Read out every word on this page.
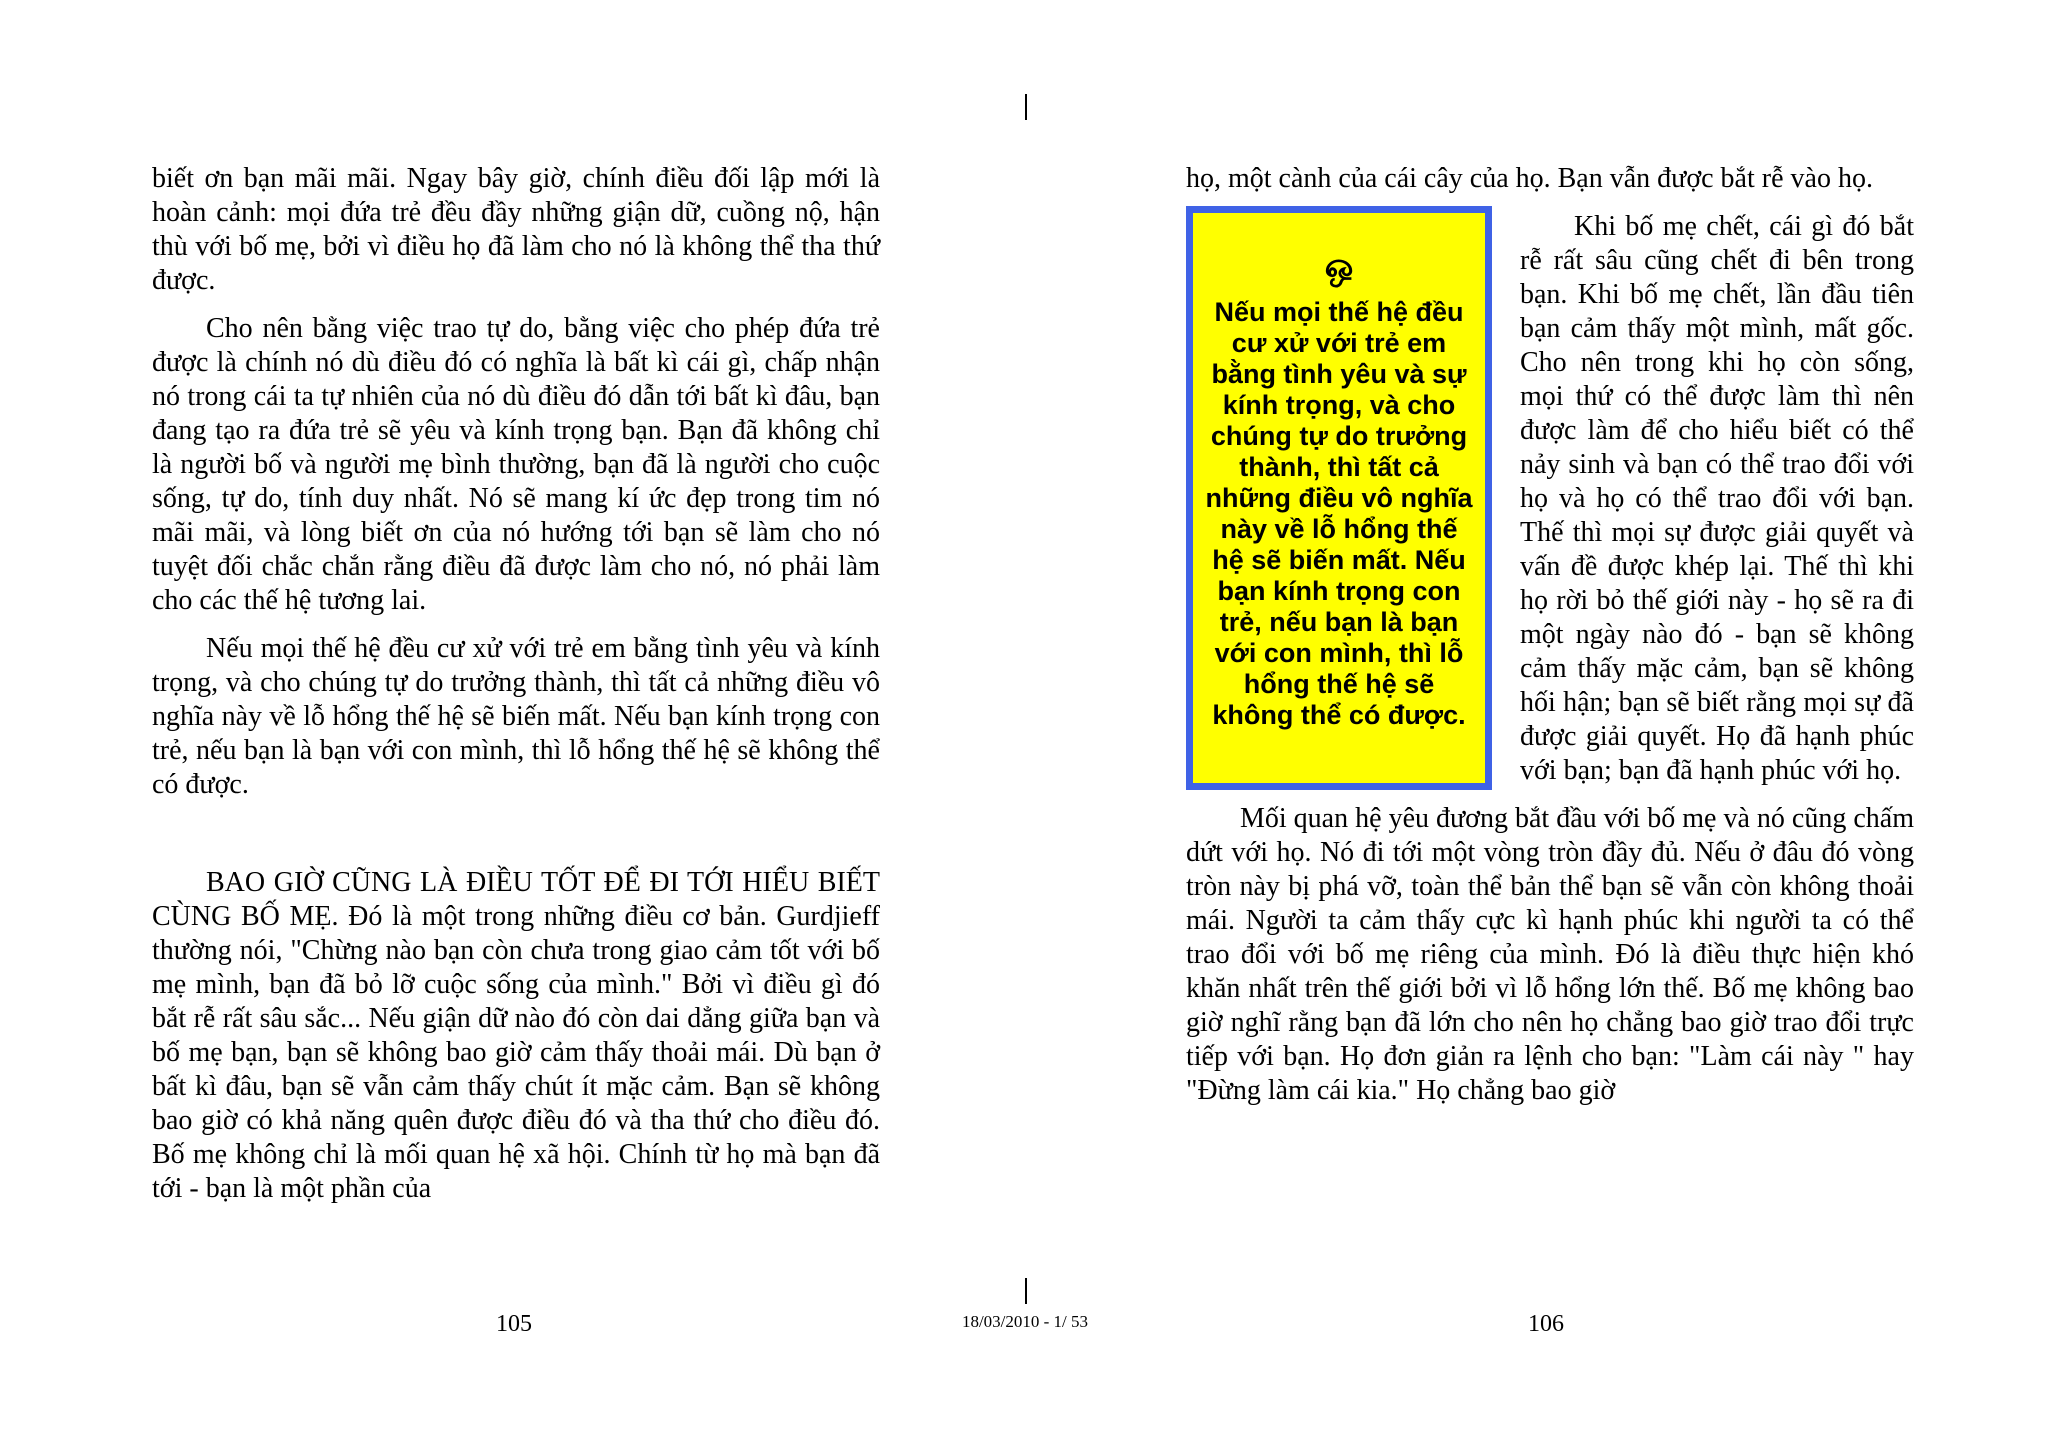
biết ơn bạn mãi mãi. Ngay bây giờ, chính điều đối lập mới là hoàn cảnh: mọi đứa trẻ đều đầy những giận dữ, cuồng nộ, hận thù với bố mẹ, bởi vì điều họ đã làm cho nó là không thể tha thứ được.

Cho nên bằng việc trao tự do, bằng việc cho phép đứa trẻ được là chính nó dù điều đó có nghĩa là bất kì cái gì, chấp nhận nó trong cái ta tự nhiên của nó dù điều đó dẫn tới bất kì đâu, bạn đang tạo ra đứa trẻ sẽ yêu và kính trọng bạn. Bạn đã không chỉ là người bố và người mẹ bình thường, bạn đã là người cho cuộc sống, tự do, tính duy nhất. Nó sẽ mang kí ức đẹp trong tim nó mãi mãi, và lòng biết ơn của nó hướng tới bạn sẽ làm cho nó tuyệt đối chắc chắn rằng điều đã được làm cho nó, nó phải làm cho các thế hệ tương lai.

Nếu mọi thế hệ đều cư xử với trẻ em bằng tình yêu và kính trọng, và cho chúng tự do trưởng thành, thì tất cả những điều vô nghĩa này về lỗ hổng thế hệ sẽ biến mất. Nếu bạn kính trọng con trẻ, nếu bạn là bạn với con mình, thì lỗ hổng thế hệ sẽ không thể có được.

BAO GIỜ CŨNG LÀ ĐIỀU TỐT ĐỂ ĐI TỚI HIỂU BIẾT CÙNG BỐ MẸ. Đó là một trong những điều cơ bản. Gurdjieff thường nói, "Chừng nào bạn còn chưa trong giao cảm tốt với bố mẹ mình, bạn đã bỏ lỡ cuộc sống của mình." Bởi vì điều gì đó bắt rễ rất sâu sắc... Nếu giận dữ nào đó còn dai dẳng giữa bạn và bố mẹ bạn, bạn sẽ không bao giờ cảm thấy thoải mái. Dù bạn ở bất kì đâu, bạn sẽ vẫn cảm thấy chút ít mặc cảm. Bạn sẽ không bao giờ có khả năng quên được điều đó và tha thứ cho điều đó. Bố mẹ không chỉ là mối quan hệ xã hội. Chính từ họ mà bạn đã tới - bạn là một phần của

họ, một cành của cái cây của họ. Bạn vẫn được bắt rễ vào họ.

ஒ
Nếu mọi thế hệ đều cư xử với trẻ em bằng tình yêu và sự kính trọng, và cho chúng tự do trưởng thành, thì tất cả những điều vô nghĩa này về lỗ hổng thế hệ sẽ biến mất. Nếu bạn kính trọng con trẻ, nếu bạn là bạn với con mình, thì lỗ hổng thế hệ sẽ không thể có được.

Khi bố mẹ chết, cái gì đó bắt rễ rất sâu cũng chết đi bên trong bạn. Khi bố mẹ chết, lần đầu tiên bạn cảm thấy một mình, mất gốc. Cho nên trong khi họ còn sống, mọi thứ có thể được làm thì nên được làm để cho hiểu biết có thể nảy sinh và bạn có thể trao đổi với họ và họ có thể trao đổi với bạn. Thế thì mọi sự được giải quyết và vấn đề được khép lại. Thế thì khi họ rời bỏ thế giới này - họ sẽ ra đi một ngày nào đó - bạn sẽ không cảm thấy mặc cảm, bạn sẽ không hối hận; bạn sẽ biết rằng mọi sự đã được giải quyết. Họ đã hạnh phúc với bạn; bạn đã hạnh phúc với họ.

Mối quan hệ yêu đương bắt đầu với bố mẹ và nó cũng chấm dứt với họ. Nó đi tới một vòng tròn đầy đủ. Nếu ở đâu đó vòng tròn này bị phá vỡ, toàn thể bản thể bạn sẽ vẫn còn không thoải mái. Người ta cảm thấy cực kì hạnh phúc khi người ta có thể trao đổi với bố mẹ riêng của mình. Đó là điều thực hiện khó khăn nhất trên thế giới bởi vì lỗ hổng lớn thế. Bố mẹ không bao giờ nghĩ rằng bạn đã lớn cho nên họ chẳng bao giờ trao đổi trực tiếp với bạn. Họ đơn giản ra lệnh cho bạn: "Làm cái này " hay "Đừng làm cái kia." Họ chẳng bao giờ

105	18/03/2010 - 1/ 53	106
